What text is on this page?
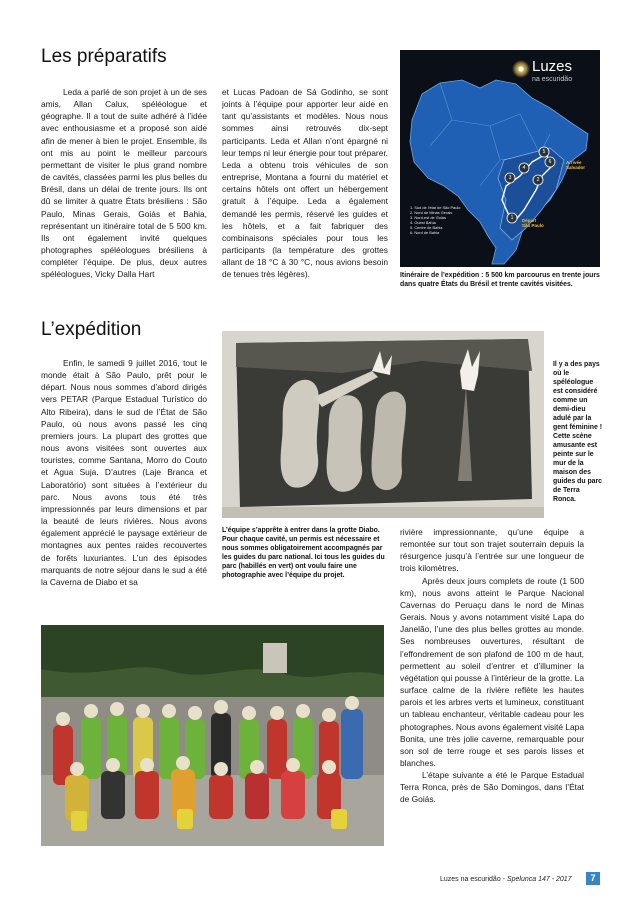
Les préparatifs

Leda a parlé de son projet à un de ses amis, Allan Calux, spéléologue et géographe. Il a tout de suite adhéré à l’idée avec enthousiasme et a proposé son aide afin de mener à bien le projet. Ensemble, ils ont mis au point le meilleur parcours permettant de visiter le plus grand nombre de cavités, classées parmi les plus belles du Brésil, dans un délai de trente jours. Ils ont dû se limiter à quatre États brésiliens : São Paulo, Minas Gerais, Goiás et Bahia, représentant un itinéraire total de 5 500 km. Ils ont également invité quelques photographes spéléologues brésiliens à compléter l’équipe. De plus, deux autres spéléologues, Vicky Dalla Hart

et Lucas Padoan de Sá Godinho, se sont joints à l’équipe pour apporter leur aide en tant qu’assistants et modèles. Nous nous sommes ainsi retrouvés dix-sept participants. Leda et Allan n’ont épargné ni leur temps ni leur énergie pour tout préparer. Leda a obtenu trois véhicules de son entreprise, Montana a fourni du matériel et certains hôtels ont offert un hébergement gratuit à l’équipe. Leda a également demandé les permis, réservé les guides et les hôtels, et a fait fabriquer des combinaisons spéciales pour tous les participants (la température des grottes allant de 18 °C à 30 °C, nous avions besoin de tenues très légères).

1
2
3
4
5
6
Luzes
na escuridão
Arrivée
Salvador
Départ
São Paulo
1. Sud de l’état de São Paulo
2. Nord de Minas Gerais
3. Nord-est de Goiás
4. Ouest Bahia
5. Centre de Bahia
6. Nord de Bahia
Itinéraire de l’expédition : 5 500 km parcourus en trente jours dans quatre États du Brésil et trente cavités visitées.
L’expédition

Enfin, le samedi 9 juillet 2016, tout le monde était à São Paulo, prêt pour le départ. Nous nous sommes d’abord dirigés vers PETAR (Parque Estadual Turístico do Alto Ribeira), dans le sud de l’État de São Paulo, où nous avons passé les cinq premiers jours. La plupart des grottes que nous avons visitées sont ouvertes aux touristes, comme Santana, Morro do Couto et Agua Suja. D’autres (Laje Branca et Laboratório) sont situées à l’extérieur du parc. Nous avons tous été très impressionnés par leurs dimensions et par la beauté de leurs rivières. Nous avons également apprécié le paysage extérieur de montagnes aux pentes raides recouvertes de forêts luxuriantes. L’un des épisodes marquants de notre séjour dans le sud a été la Caverna de Diabo et sa

Il y a des pays où le spéléologue est considéré comme un demi-dieu adulé par la gent féminine ! Cette scène amusante est peinte sur le mur de la maison des guides du parc de Terra Ronca.
L’équipe s’apprête à entrer dans la grotte Diabo. Pour chaque cavité, un permis est nécessaire et nous sommes obligatoirement accompagnés par les guides du parc national. Ici tous les guides du parc (habillés en vert) ont voulu faire une photographie avec l’équipe du projet.

rivière impressionnante, qu’une équipe a remontée sur tout son trajet souterrain depuis la résurgence jusqu’à l’entrée sur une longueur de trois kilomètres.

Après deux jours complets de route (1 500 km), nous avons atteint le Parque Nacional Cavernas do Peruaçu dans le nord de Minas Gerais. Nous y avons notamment visité Lapa do Janelão, l’une des plus belles grottes au monde. Ses nombreuses ouvertures, résultant de l’effondrement de son plafond de 100 m de haut, permettent au soleil d’entrer et d’illuminer la végétation qui pousse à l’intérieur de la grotte. La surface calme de la rivière reflète les hautes parois et les arbres verts et lumineux, constituant un tableau enchanteur, véritable cadeau pour les photographes. Nous avons également visité Lapa Bonita, une très jolie caverne, remarquable pour son sol de terre rouge et ses parois lisses et blanches.

L’étape suivante a été le Parque Estadual Terra Ronca, près de São Domingos, dans l’État de Goiás.

Luzes na escuridão - Spelunca 147 - 2017	7
